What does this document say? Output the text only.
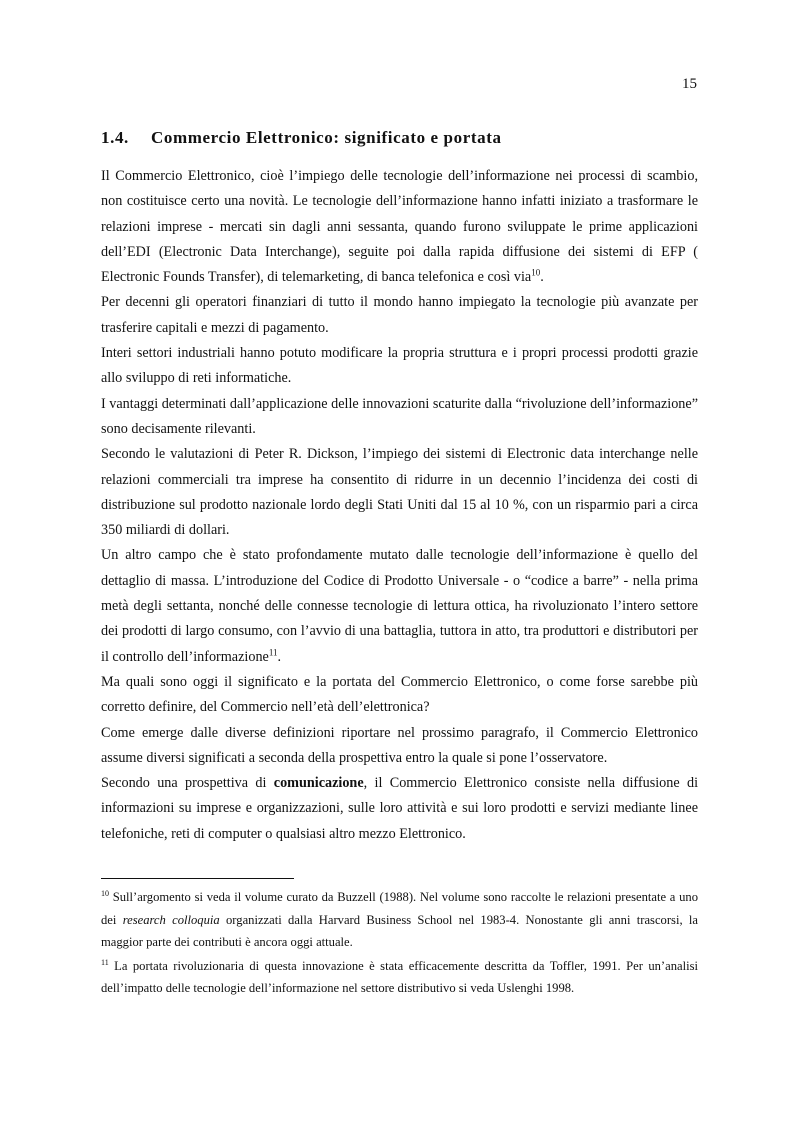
15
1.4. Commercio Elettronico: significato e portata

Il Commercio Elettronico, cioè l’impiego delle tecnologie dell’informazione nei processi di scambio, non costituisce certo una novità. Le tecnologie dell’informazione hanno infatti iniziato a trasformare le relazioni imprese - mercati sin dagli anni sessanta, quando furono sviluppate le prime applicazioni dell’EDI (Electronic Data Interchange), seguite poi dalla rapida diffusione dei sistemi di EFP ( Electronic Founds Transfer), di telemarketing, di banca telefonica e così via$^{10}$.

Per decenni gli operatori finanziari di tutto il mondo hanno impiegato la tecnologie più avanzate per trasferire capitali e mezzi di pagamento.

Interi settori industriali hanno potuto modificare la propria struttura e i propri processi prodotti grazie allo sviluppo di reti informatiche.

I vantaggi determinati dall’applicazione delle innovazioni scaturite dalla “rivoluzione dell’informazione” sono decisamente rilevanti.

Secondo le valutazioni di Peter R. Dickson, l’impiego dei sistemi di Electronic data interchange nelle relazioni commerciali tra imprese ha consentito di ridurre in un decennio l’incidenza dei costi di distribuzione sul prodotto nazionale lordo degli Stati Uniti dal 15 al 10 %, con un risparmio pari a circa 350 miliardi di dollari.

Un altro campo che è stato profondamente mutato dalle tecnologie dell’informazione è quello del dettaglio di massa. L’introduzione del Codice di Prodotto Universale - o “codice a barre” - nella prima metà degli settanta, nonché delle connesse tecnologie di lettura ottica, ha rivoluzionato l’intero settore dei prodotti di largo consumo, con l’avvio di una battaglia, tuttora in atto, tra produttori e distributori per il controllo dell’informazione$^{11}$.

Ma quali sono oggi il significato e la portata del Commercio Elettronico, o come forse sarebbe più corretto definire, del Commercio nell’età dell’elettronica?

Come emerge dalle diverse definizioni riportare nel prossimo paragrafo, il Commercio Elettronico assume diversi significati a seconda della prospettiva entro la quale si pone l’osservatore.

Secondo una prospettiva di comunicazione, il Commercio Elettronico consiste nella diffusione di informazioni su imprese e organizzazioni, sulle loro attività e sui loro prodotti e servizi mediante linee telefoniche, reti di computer o qualsiasi altro mezzo Elettronico.

$^{10}$ Sull’argomento si veda il volume curato da Buzzell (1988). Nel volume sono raccolte le relazioni presentate a uno dei research colloquia organizzati dalla Harvard Business School nel 1983-4. Nonostante gli anni trascorsi, la maggior parte dei contributi è ancora oggi attuale.

$^{11}$ La portata rivoluzionaria di questa innovazione è stata efficacemente descritta da Toffler, 1991. Per un’analisi dell’impatto delle tecnologie dell’informazione nel settore distributivo si veda Uslenghi 1998.
